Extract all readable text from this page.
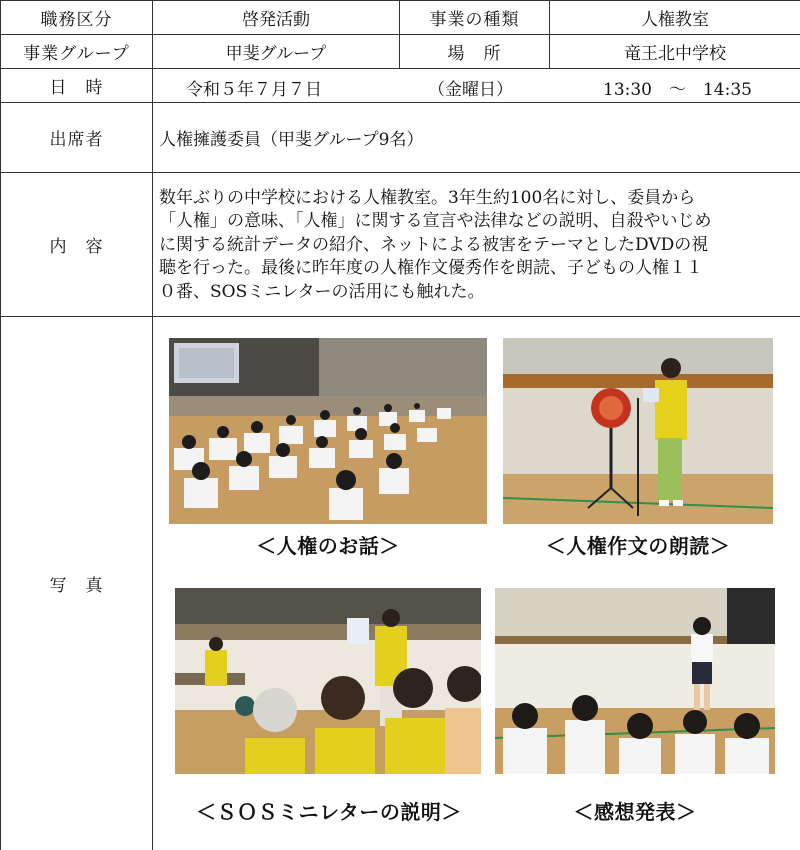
職務区分	啓発活動	事業の種類	人権教室
事業グループ	甲斐グループ	場　所	竜王北中学校
日　時	令和５年７月７日 （金曜日） 13:30　～　14:35		

出席者	人権擁護委員（甲斐グループ9名）		
内　容	数年ぶりの中学校における人権教室。3年生約100名に対し、委員から
「人権」の意味、「人権」に関する宣言や法律などの説明、自殺やいじめ
に関する統計データの紹介、ネットによる被害をテーマとしたDVDの視
聴を行った。最後に昨年度の人権作文優秀作を朗読、子どもの人権１１
０番、SOSミニレターの活用にも触れた。		

写　真	＜人権のお話＞ ＜人権作文の朗読＞
＜ＳＯＳミニレターの説明＞ ＜感想発表＞		
